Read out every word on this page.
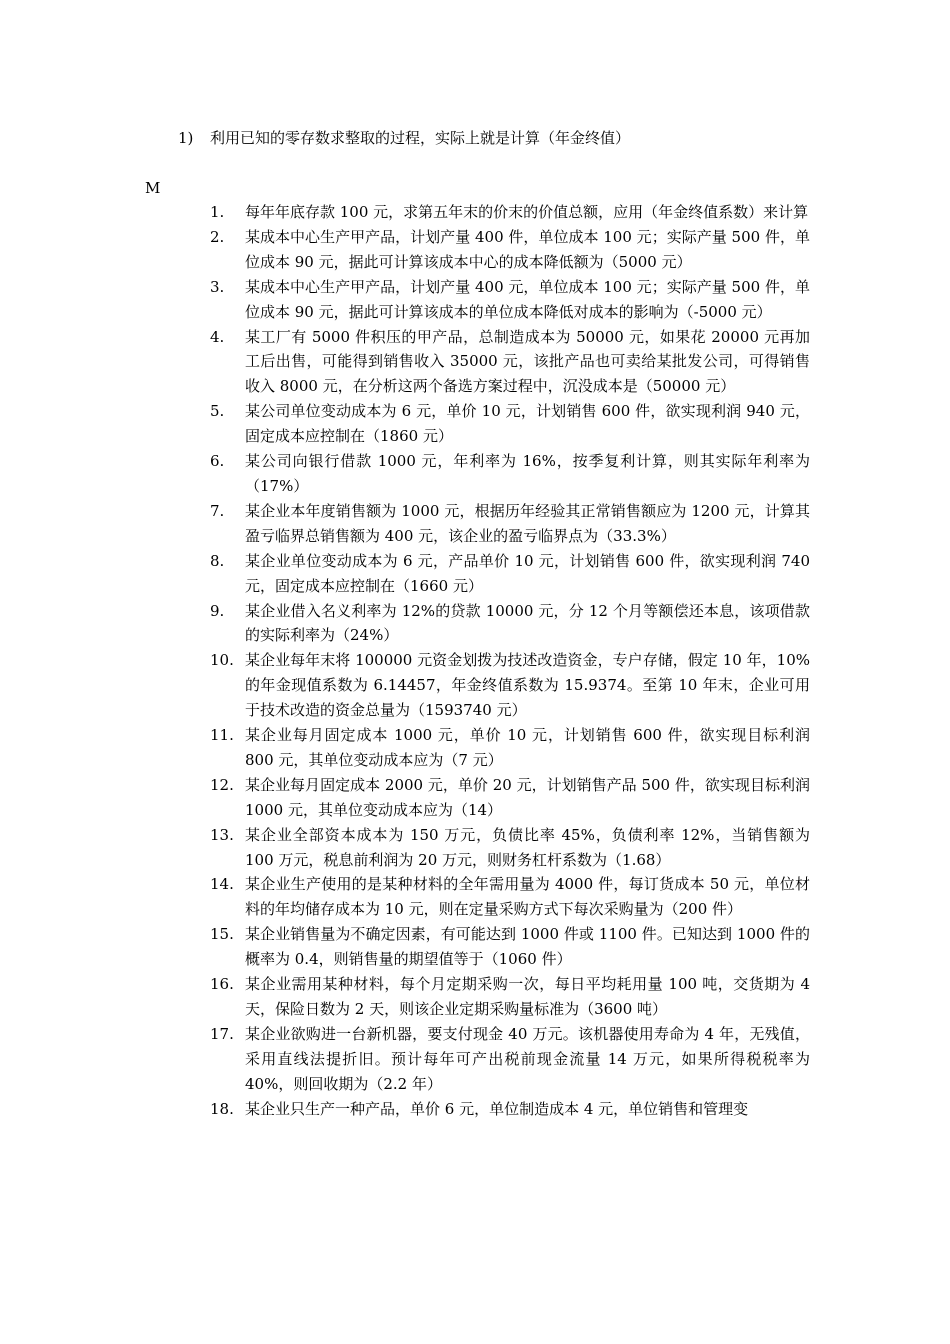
1) 利用已知的零存数求整取的过程，实际上就是计算（年金终值）
M
1.	每年年底存款 100 元，求第五年末的价末的价值总额，应用（年金终值系数）来计算
2.	某成本中心生产甲产品，计划产量 400 件，单位成本 100 元；实际产量 500 件，单位成本 90 元，据此可计算该成本中心的成本降低额为（5000 元）
3.	某成本中心生产甲产品，计划产量 400 元，单位成本 100 元；实际产量 500 件，单位成本 90 元，据此可计算该成本的单位成本降低对成本的影响为（-5000 元）
4.	某工厂有 5000 件积压的甲产品，总制造成本为 50000 元，如果花 20000 元再加工后出售，可能得到销售收入 35000 元，该批产品也可卖给某批发公司，可得销售收入 8000 元，在分析这两个备选方案过程中，沉没成本是（50000 元）
5.	某公司单位变动成本为 6 元，单价 10 元，计划销售 600 件，欲实现利润 940 元，固定成本应控制在（1860 元）
6.	某公司向银行借款 1000 元，年利率为 16%，按季复利计算，则其实际年利率为（17%）
7.	某企业本年度销售额为 1000 元，根据历年经验其正常销售额应为 1200 元，计算其盈亏临界总销售额为 400 元，该企业的盈亏临界点为（33.3%）
8.	某企业单位变动成本为 6 元，产品单价 10 元，计划销售 600 件，欲实现利润 740 元，固定成本应控制在（1660 元）
9.	某企业借入名义利率为 12%的贷款 10000 元，分 12 个月等额偿还本息，该项借款的实际利率为（24%）
10. 某企业每年末将 100000 元资金划拨为技述改造资金，专户存储，假定 10 年，10%的年金现值系数为 6.14457，年金终值系数为 15.9374。至第 10 年末，企业可用于技术改造的资金总量为（1593740 元）
11. 某企业每月固定成本 1000 元，单价 10 元，计划销售 600 件，欲实现目标利润 800 元，其单位变动成本应为（7 元）
12. 某企业每月固定成本 2000 元，单价 20 元，计划销售产品 500 件，欲实现目标利润 1000 元，其单位变动成本应为（14）
13. 某企业全部资本成本为 150 万元，负债比率 45%，负债利率 12%，当销售额为 100 万元，税息前利润为 20 万元，则财务杠杆系数为（1.68）
14. 某企业生产使用的是某种材料的全年需用量为 4000 件，每订货成本 50 元，单位材料的年均储存成本为 10 元，则在定量采购方式下每次采购量为（200 件）
15. 某企业销售量为不确定因素，有可能达到 1000 件或 1100 件。已知达到 1000 件的概率为 0.4，则销售量的期望值等于（1060 件）
16. 某企业需用某种材料，每个月定期采购一次，每日平均耗用量 100 吨，交货期为 4 天，保险日数为 2 天，则该企业定期采购量标准为（3600 吨）
17. 某企业欲购进一台新机器，要支付现金 40 万元。该机器使用寿命为 4 年，无残值，采用直线法提折旧。预计每年可产出税前现金流量 14 万元，如果所得税税率为 40%，则回收期为（2.2 年）
18. 某企业只生产一种产品，单价 6 元，单位制造成本 4 元，单位销售和管理变
